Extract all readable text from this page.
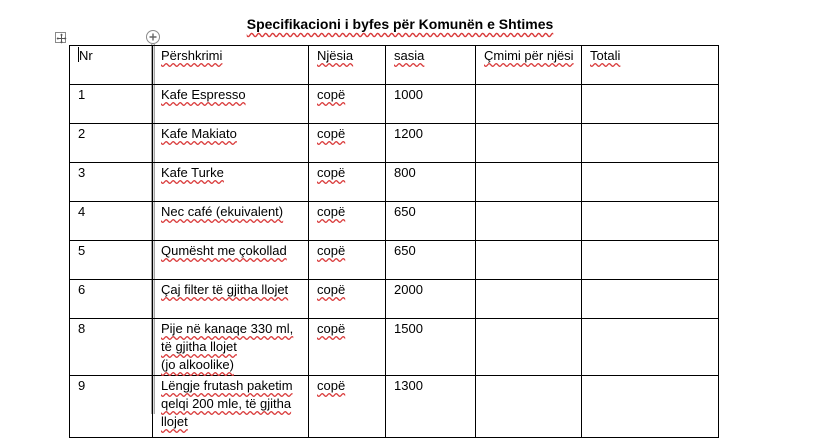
Specifikacioni i byfes për Komunën e Shtimes
Nr	Përshkrimi	Njësia	sasia	Çmimi për njësi	Totali
1	Kafe Espresso	copë	1000		
2	Kafe Makiato	copë	1200		
3	Kafe Turke	copë	800		
4	Nec café (ekuivalent)	copë	650		
5	Qumësht me çokollad	copë	650		
6	Çaj filter të gjitha llojet	copë	2000		
8	Pije në kanaqe 330 ml,
të gjitha llojet
(jo alkoolike)	copë	1500		
9	Lëngje frutash paketim
qelqi 200 mle, të gjitha
llojet	copë	1300		
